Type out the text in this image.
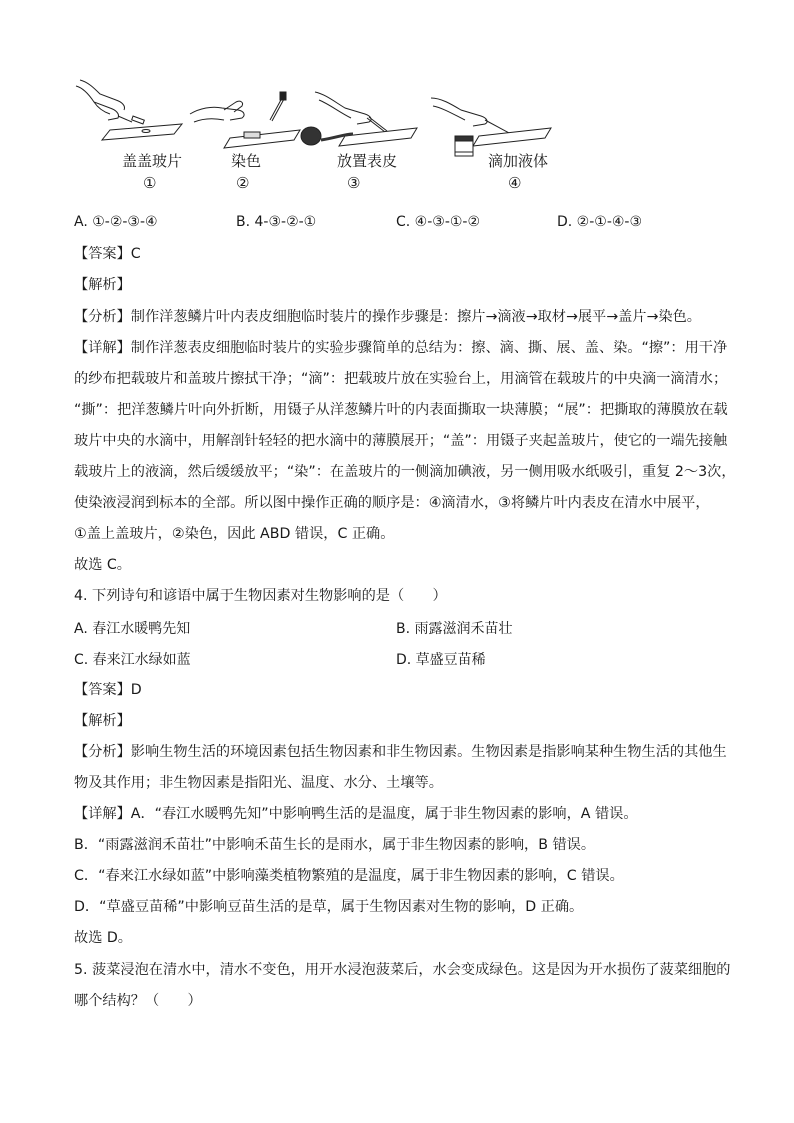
盖盖玻片
①
染色
②
放置表皮
③
滴加液体
④
A. ①-②-③-④	B. 4-③-②-①	C. ④-③-①-②	D. ②-①-④-③
【答案】C
【解析】
【分析】制作洋葱鳞片叶内表皮细胞临时装片的操作步骤是：擦片→滴液→取材→展平→盖片→染色。
【详解】制作洋葱表皮细胞临时装片的实验步骤简单的总结为：擦、滴、撕、展、盖、染。“擦”：用干净
的纱布把载玻片和盖玻片擦拭干净；“滴”：把载玻片放在实验台上，用滴管在载玻片的中央滴一滴清水；
“撕”：把洋葱鳞片叶向外折断，用镊子从洋葱鳞片叶的内表面撕取一块薄膜；“展”：把撕取的薄膜放在载
玻片中央的水滴中，用解剖针轻轻的把水滴中的薄膜展开；“盖”：用镊子夹起盖玻片，使它的一端先接触
载玻片上的液滴，然后缓缓放平；“染”：在盖玻片的一侧滴加碘液，另一侧用吸水纸吸引，重复 2～3次，
使染液浸润到标本的全部。所以图中操作正确的顺序是：④滴清水，③将鳞片叶内表皮在清水中展平，
①盖上盖玻片，②染色，因此 ABD 错误，C 正确。
故选 C。
4. 下列诗句和谚语中属于生物因素对生物影响的是（　　）
A. 春江水暖鸭先知	B. 雨露滋润禾苗壮
C. 春来江水绿如蓝	D. 草盛豆苗稀
【答案】D
【解析】
【分析】影响生物生活的环境因素包括生物因素和非生物因素。生物因素是指影响某种生物生活的其他生
物及其作用；非生物因素是指阳光、温度、水分、土壤等。
【详解】A．“春江水暖鸭先知”中影响鸭生活的是温度，属于非生物因素的影响，A 错误。
B．“雨露滋润禾苗壮”中影响禾苗生长的是雨水，属于非生物因素的影响，B 错误。
C．“春来江水绿如蓝”中影响藻类植物繁殖的是温度，属于非生物因素的影响，C 错误。
D．“草盛豆苗稀”中影响豆苗生活的是草，属于生物因素对生物的影响，D 正确。
故选 D。
5. 菠菜浸泡在清水中，清水不变色，用开水浸泡菠菜后，水会变成绿色。这是因为开水损伤了菠菜细胞的
哪个结构？（　　）
